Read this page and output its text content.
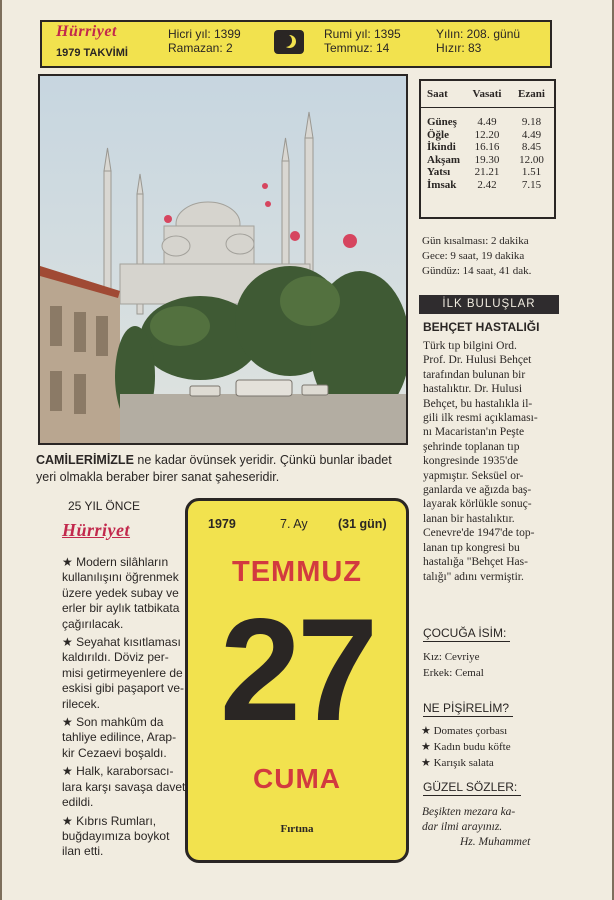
Hürriyet
1979 TAKVİMİ
Hicri yıl: 1399
Ramazan: 2
Rumi yıl: 1395
Temmuz: 14
Yılın: 208. günü
Hızır: 83
CAMİLERİMİZLE ne kadar övünsek yeridir. Çünkü bunlar ibadet yeri olmakla beraber birer sanat şaheseridir.
Saat	Vasati	Ezani
Güneş	4.49	9.18
Öğle	12.20	4.49
İkindi	16.16	8.45
Akşam	19.30	12.00
Yatsı	21.21	1.51
İmsak	2.42	7.15
Gün kısalması: 2 dakika
Gece: 9 saat, 19 dakika
Gündüz: 14 saat, 41 dak.
İLK BULUŞLAR
BEHÇET HASTALIĞI
Türk tıp bilgini Ord.
Prof. Dr. Hulusi Behçet
tarafından bulunan bir
hastalıktır. Dr. Hulusi
Behçet, bu hastalıkla il-
gili ilk resmi açıklaması-
nı Macaristan'ın Peşte
şehrinde toplanan tıp
kongresinde 1935'de
yapmıştır. Seksüel or-
ganlarda ve ağızda baş-
layarak körlükle sonuç-
lanan bir hastalıktır.
Cenevre'de 1947'de top-
lanan tıp kongresi bu
hastalığa "Behçet Has-
talığı" adını vermiştir.
ÇOCUĞA İSİM:
Kız: Cevriye
Erkek: Cemal
NE PİŞİRELİM?
★ Domates çorbası
★ Kadın budu köfte
★ Karışık salata
GÜZEL SÖZLER:
Beşikten mezara ka-
dar ilmi arayınız.
Hz. Muhammet
25 YIL ÖNCE
Hürriyet
★ Modern silâhların
kullanılışını öğrenmek
üzere yedek subay ve
erler bir aylık tatbikata
çağırılacak.
★ Seyahat kısıtlaması
kaldırıldı. Döviz per-
misi getirmeyenlere de
eskisi gibi paşaport ve-
rilecek.
★ Son mahkûm da
tahliye edilince, Arap-
kir Cezaevi boşaldı.
★ Halk, karaborsacı-
lara karşı savaşa davet
edildi.
★ Kıbrıs Rumları,
buğdayımıza boykot
ilan etti.
1979	7. Ay (31 gün)
TEMMUZ
27
CUMA
Fırtına
